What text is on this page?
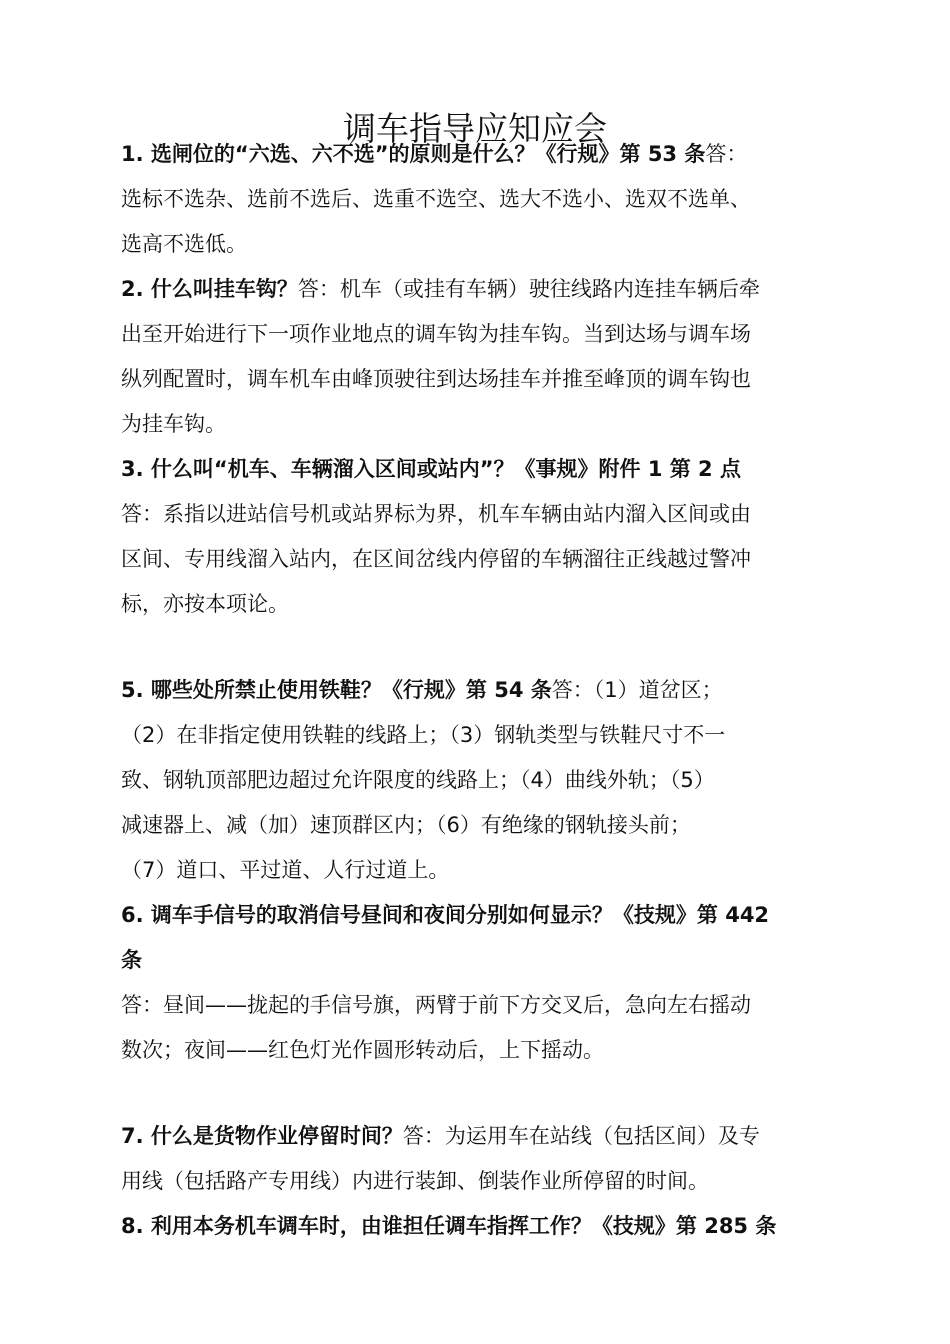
调车指导应知应会
1. 选闸位的“六选、六不选”的原则是什么？《行规》第 53 条答：
选标不选杂、选前不选后、选重不选空、选大不选小、选双不选单、
选高不选低。
2. 什么叫挂车钩？答：机车（或挂有车辆）驶往线路内连挂车辆后牵
出至开始进行下一项作业地点的调车钩为挂车钩。当到达场与调车场
纵列配置时，调车机车由峰顶驶往到达场挂车并推至峰顶的调车钩也
为挂车钩。
3. 什么叫“机车、车辆溜入区间或站内”？《事规》附件 1 第 2 点
答：系指以进站信号机或站界标为界，机车车辆由站内溜入区间或由
区间、专用线溜入站内，在区间岔线内停留的车辆溜往正线越过警冲
标，亦按本项论。
5. 哪些处所禁止使用铁鞋？《行规》第 54 条答：（1）道岔区；
（2）在非指定使用铁鞋的线路上；（3）钢轨类型与铁鞋尺寸不一
致、钢轨顶部肥边超过允许限度的线路上；（4）曲线外轨；（5）
减速器上、减（加）速顶群区内；（6）有绝缘的钢轨接头前；
（7）道口、平过道、人行过道上。
6. 调车手信号的取消信号昼间和夜间分别如何显示？《技规》第 442
条
答：昼间——拢起的手信号旗，两臂于前下方交叉后，急向左右摇动
数次；夜间——红色灯光作圆形转动后，上下摇动。
7. 什么是货物作业停留时间？答：为运用车在站线（包括区间）及专
用线（包括路产专用线）内进行装卸、倒装作业所停留的时间。
8. 利用本务机车调车时，由谁担任调车指挥工作？《技规》第 285 条
